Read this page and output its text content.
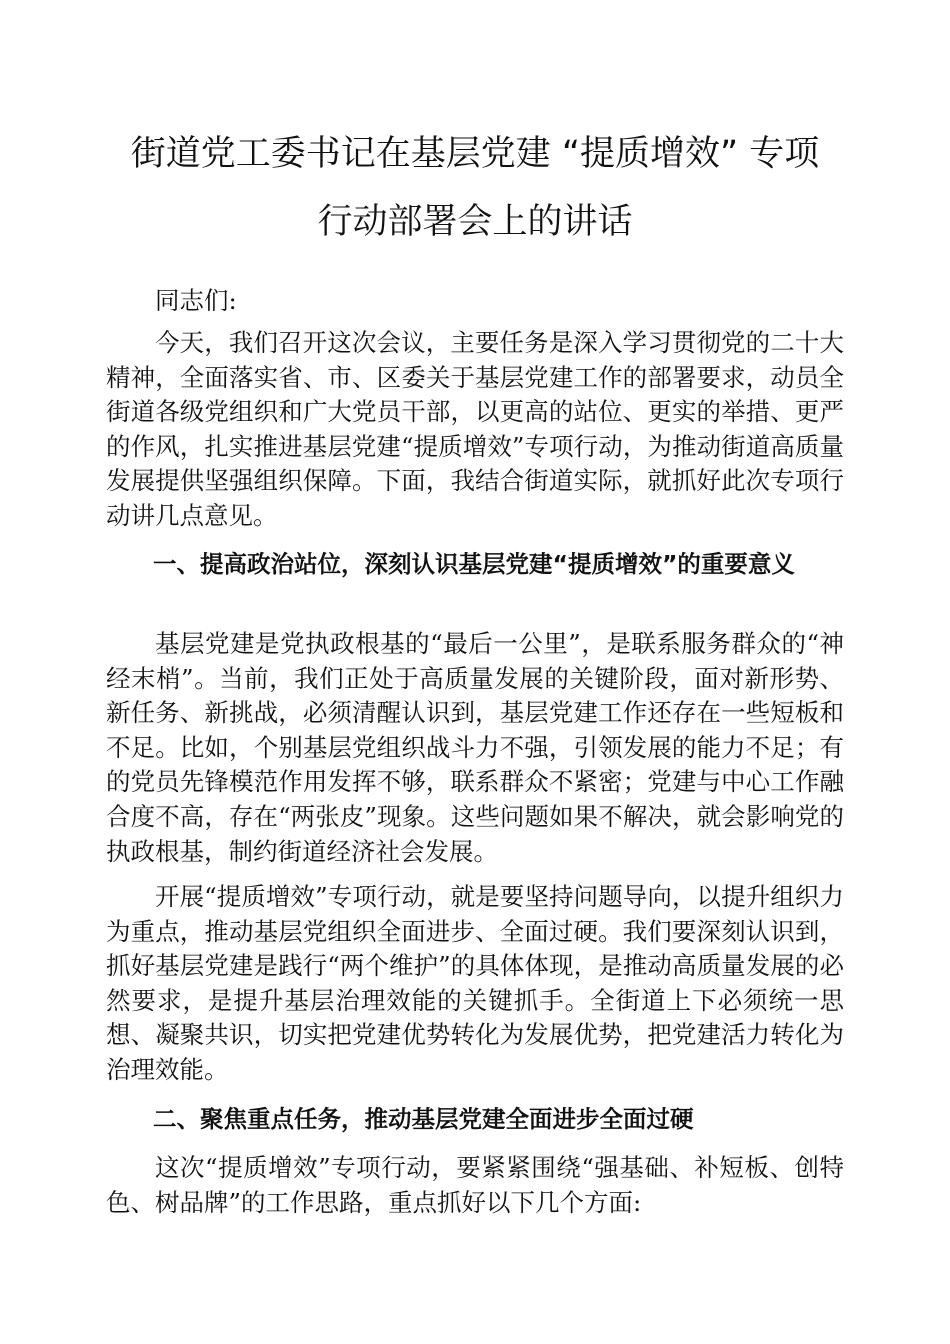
街道党工委书记在基层党建 “提质增效” 专项
行动部署会上的讲话

同志们:

今天，我们召开这次会议，主要任务是深入学习贯彻党的二十大精神，全面落实省、市、区委关于基层党建工作的部署要求，动员全街道各级党组织和广大党员干部，以更高的站位、更实的举措、更严的作风，扎实推进基层党建“提质增效”专项行动，为推动街道高质量发展提供坚强组织保障。下面，我结合街道实际，就抓好此次专项行动讲几点意见。

一、提高政治站位，深刻认识基层党建“提质增效”的重要意义

基层党建是党执政根基的“最后一公里”，是联系服务群众的“神经末梢”。当前，我们正处于高质量发展的关键阶段，面对新形势、新任务、新挑战，必须清醒认识到，基层党建工作还存在一些短板和不足。比如，个别基层党组织战斗力不强，引领发展的能力不足；有的党员先锋模范作用发挥不够，联系群众不紧密；党建与中心工作融合度不高，存在“两张皮”现象。这些问题如果不解决，就会影响党的执政根基，制约街道经济社会发展。

开展“提质增效”专项行动，就是要坚持问题导向，以提升组织力为重点，推动基层党组织全面进步、全面过硬。我们要深刻认识到，抓好基层党建是践行“两个维护”的具体体现，是推动高质量发展的必然要求，是提升基层治理效能的关键抓手。全街道上下必须统一思想、凝聚共识，切实把党建优势转化为发展优势，把党建活力转化为治理效能。

二、聚焦重点任务，推动基层党建全面进步全面过硬

这次“提质增效”专项行动，要紧紧围绕“强基础、补短板、创特色、树品牌”的工作思路，重点抓好以下几个方面:
